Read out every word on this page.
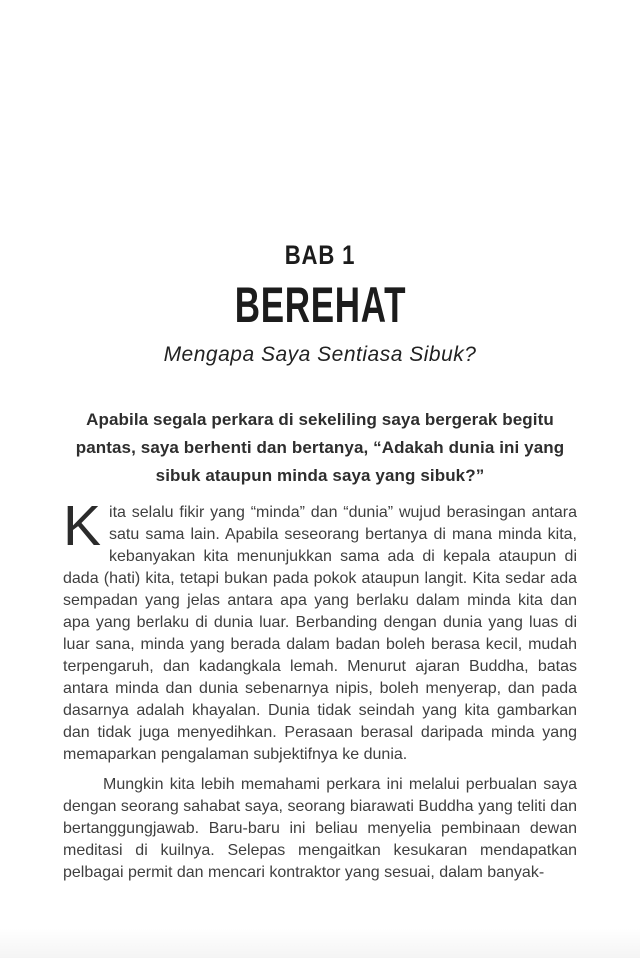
BAB 1
BEREHAT
Mengapa Saya Sentiasa Sibuk?
Apabila segala perkara di sekeliling saya bergerak begitu pantas, saya berhenti dan bertanya, “Adakah dunia ini yang sibuk ataupun minda saya yang sibuk?”

Kita selalu fikir yang “minda” dan “dunia” wujud berasingan antara satu sama lain. Apabila seseorang bertanya di mana minda kita, kebanyakan kita menunjukkan sama ada di kepala ataupun di dada (hati) kita, tetapi bukan pada pokok ataupun langit. Kita sedar ada sempadan yang jelas antara apa yang berlaku dalam minda kita dan apa yang berlaku di dunia luar. Berbanding dengan dunia yang luas di luar sana, minda yang berada dalam badan boleh berasa kecil, mudah terpengaruh, dan kadangkala lemah. Menurut ajaran Buddha, batas antara minda dan dunia sebenarnya nipis, boleh menyerap, dan pada dasarnya adalah khayalan. Dunia tidak seindah yang kita gambarkan dan tidak juga menyedihkan. Perasaan berasal daripada minda yang memaparkan pengalaman subjektifnya ke dunia.

Mungkin kita lebih memahami perkara ini melalui perbualan saya dengan seorang sahabat saya, seorang biarawati Buddha yang teliti dan bertanggungjawab. Baru-baru ini beliau menyelia pembinaan dewan meditasi di kuilnya. Selepas mengaitkan kesukaran mendapatkan pelbagai permit dan mencari kontraktor yang sesuai, dalam banyak-
